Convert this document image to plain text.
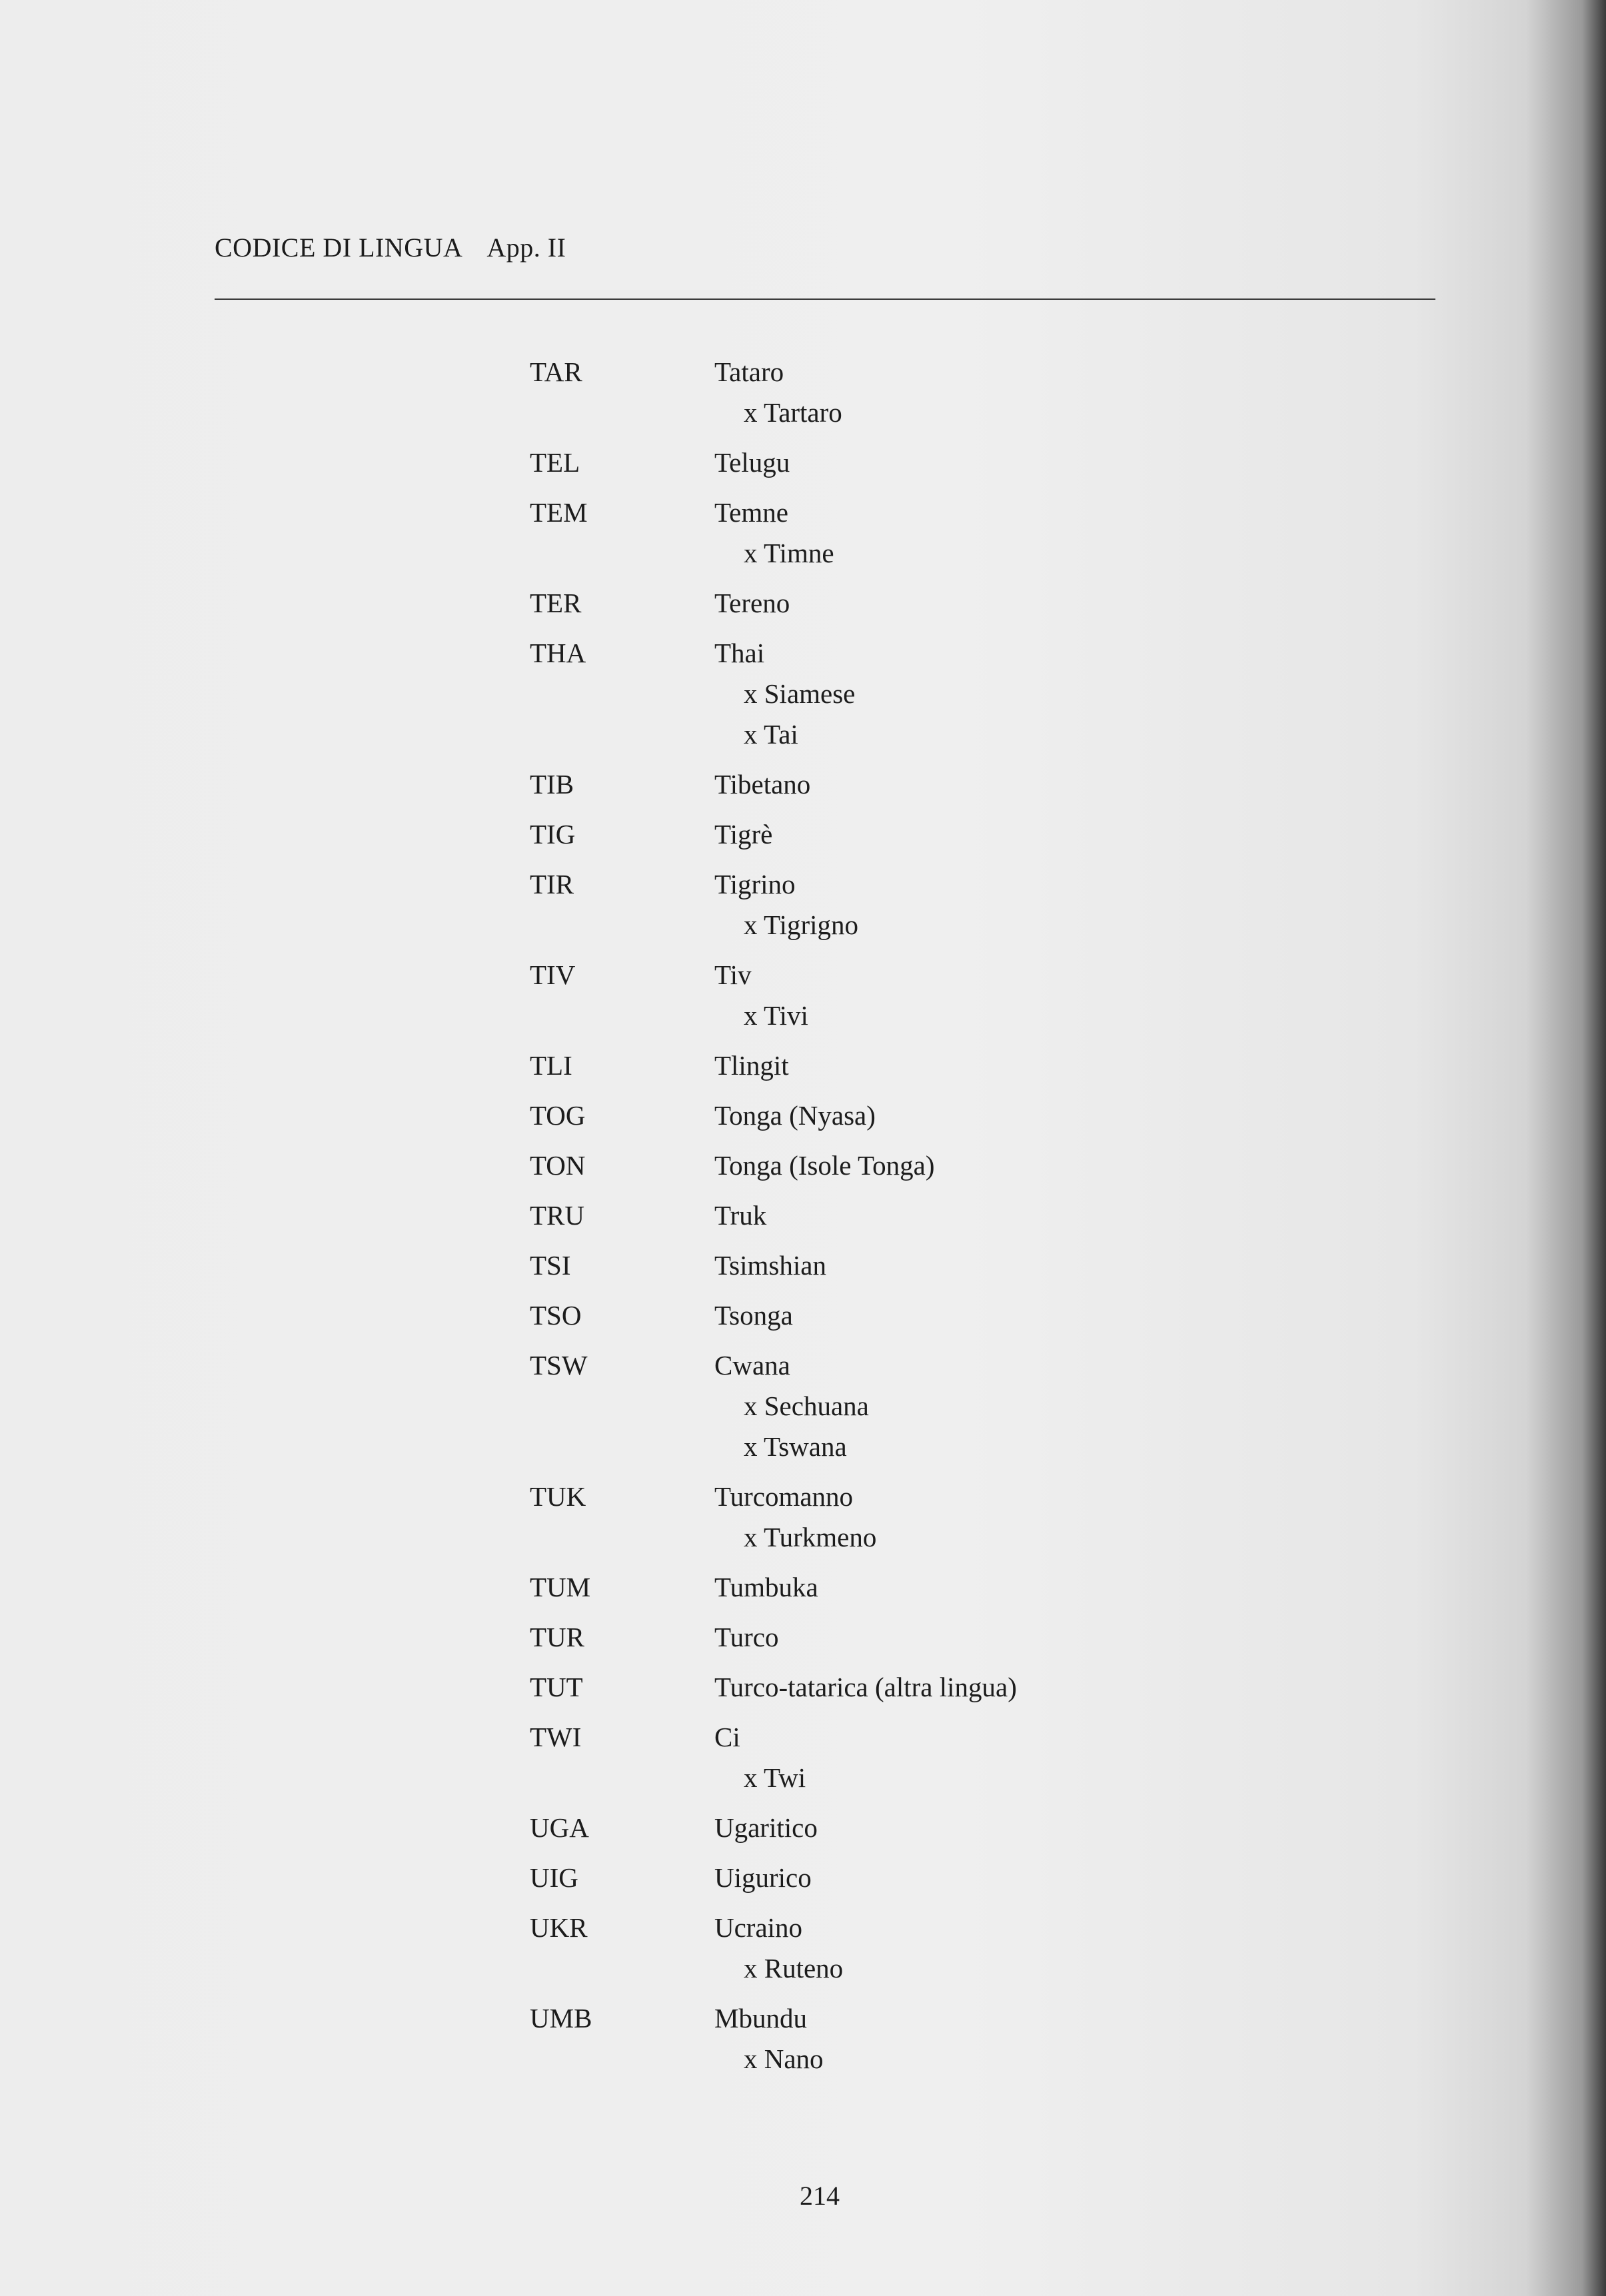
CODICE DI LINGUA App. II
TAR	Tataro
x Tartaro
TEL	Telugu
TEM	Temne
x Timne
TER	Tereno
THA	Thai
x Siamese
x Tai
TIB	Tibetano
TIG	Tigrè
TIR	Tigrino
x Tigrigno
TIV	Tiv
x Tivi
TLI	Tlingit
TOG	Tonga (Nyasa)
TON	Tonga (Isole Tonga)
TRU	Truk
TSI	Tsimshian
TSO	Tsonga
TSW	Cwana
x Sechuana
x Tswana
TUK	Turcomanno
x Turkmeno
TUM	Tumbuka
TUR	Turco
TUT	Turco-tatarica (altra lingua)
TWI	Ci
x Twi
UGA	Ugaritico
UIG	Uigurico
UKR	Ucraino
x Ruteno
UMB	Mbundu
x Nano
214
